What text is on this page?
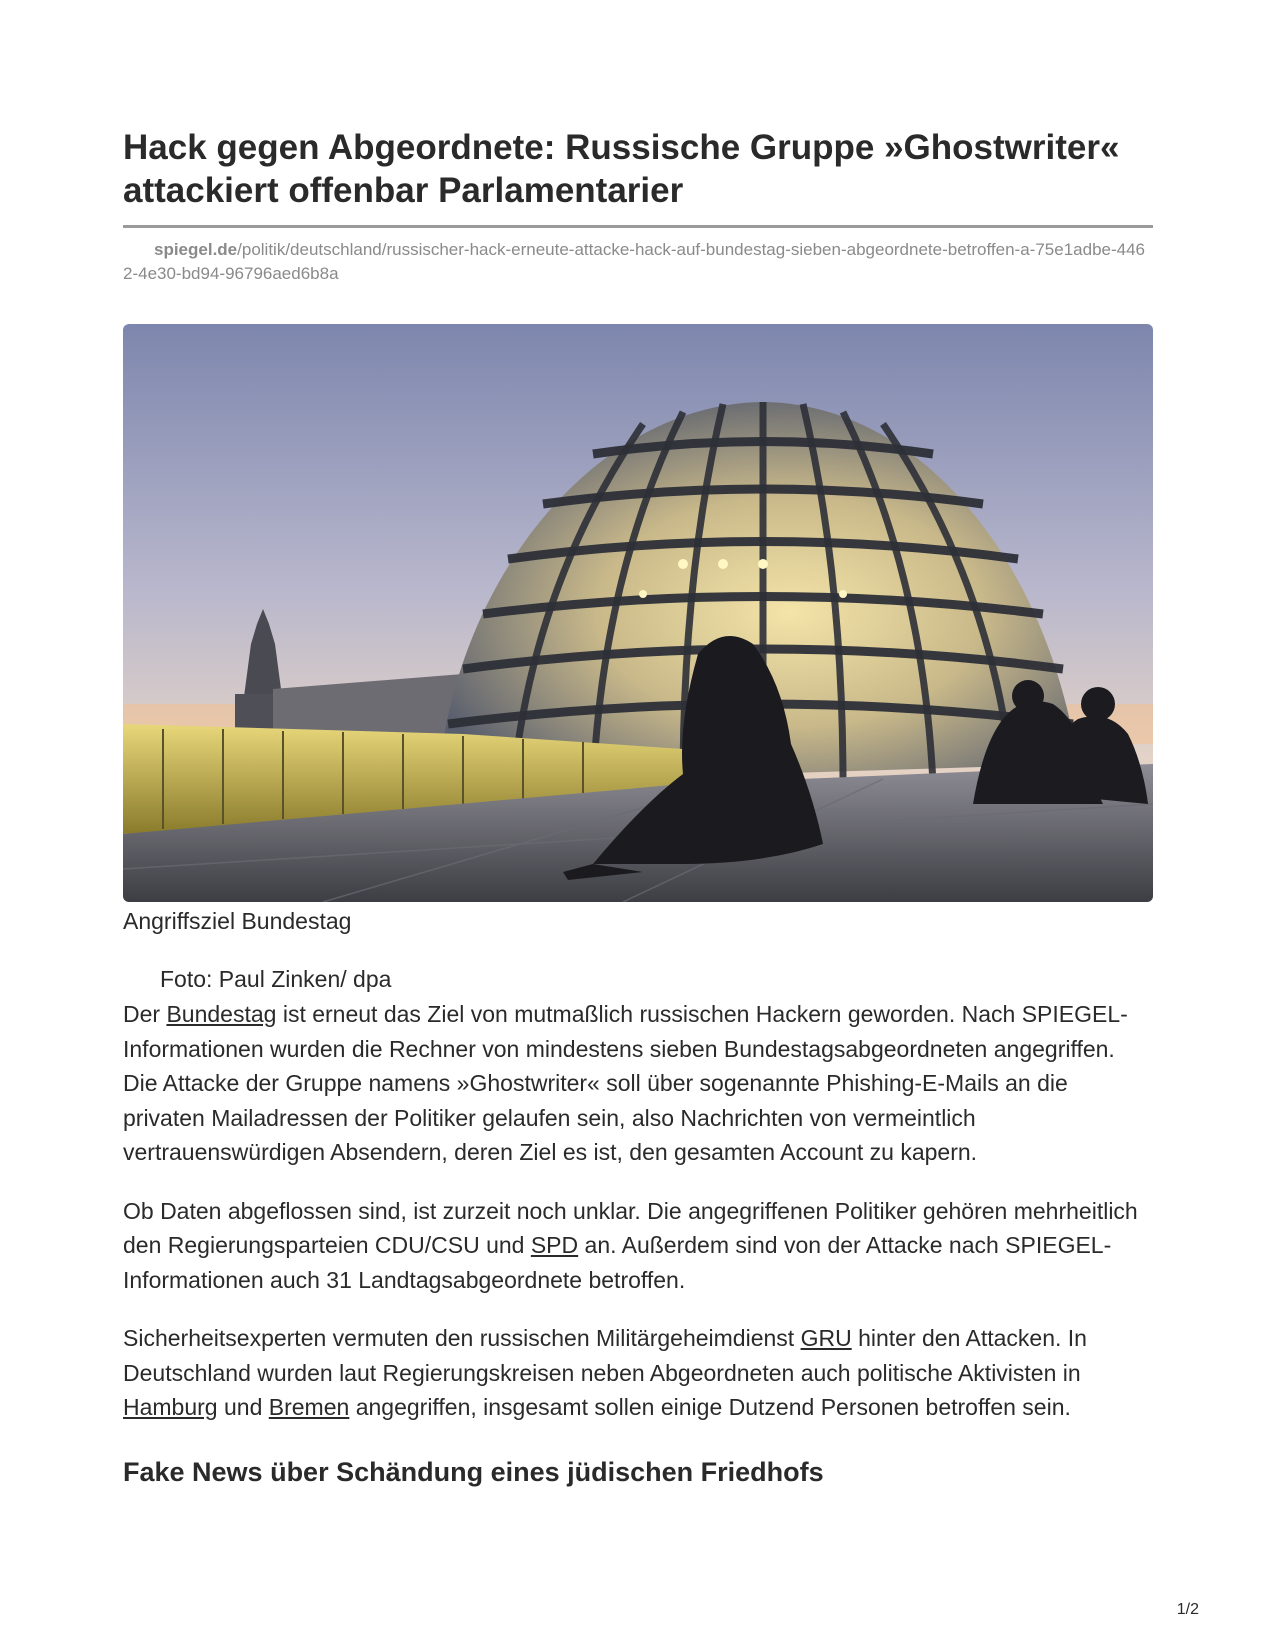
Hack gegen Abgeordnete: Russische Gruppe »Ghostwriter« attackiert offenbar Parlamentarier
spiegel.de/politik/deutschland/russischer-hack-erneute-attacke-hack-auf-bundestag-sieben-abgeordnete-betroffen-a-75e1adbe-4462-4e30-bd94-96796aed6b8a
Angriffsziel Bundestag
Foto: Paul Zinken/ dpa

Der Bundestag ist erneut das Ziel von mutmaßlich russischen Hackern geworden. Nach SPIEGEL-Informationen wurden die Rechner von mindestens sieben Bundestagsabgeordneten angegriffen. Die Attacke der Gruppe namens »Ghostwriter« soll über sogenannte Phishing-E-Mails an die privaten Mailadressen der Politiker gelaufen sein, also Nachrichten von vermeintlich vertrauenswürdigen Absendern, deren Ziel es ist, den gesamten Account zu kapern.

Ob Daten abgeflossen sind, ist zurzeit noch unklar. Die angegriffenen Politiker gehören mehrheitlich den Regierungsparteien CDU/CSU und SPD an. Außerdem sind von der Attacke nach SPIEGEL-Informationen auch 31 Landtagsabgeordnete betroffen.

Sicherheitsexperten vermuten den russischen Militärgeheimdienst GRU hinter den Attacken. In Deutschland wurden laut Regierungskreisen neben Abgeordneten auch politische Aktivisten in Hamburg und Bremen angegriffen, insgesamt sollen einige Dutzend Personen betroffen sein.

Fake News über Schändung eines jüdischen Friedhofs
1/2
